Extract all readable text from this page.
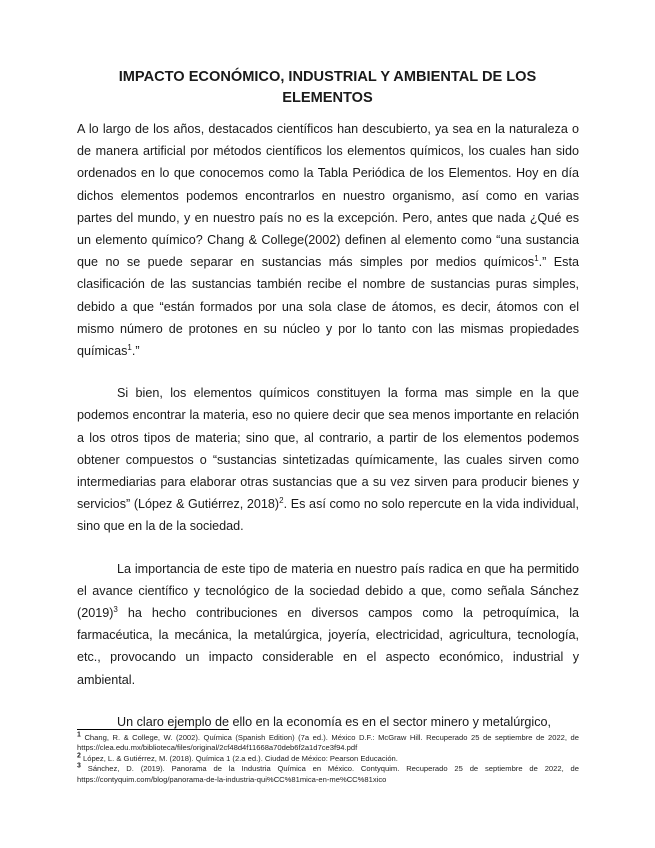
IMPACTO ECONÓMICO, INDUSTRIAL Y AMBIENTAL DE LOS ELEMENTOS

A lo largo de los años, destacados científicos han descubierto, ya sea en la naturaleza o de manera artificial por métodos científicos los elementos químicos, los cuales han sido ordenados en lo que conocemos como la Tabla Periódica de los Elementos. Hoy en día dichos elementos podemos encontrarlos en nuestro organismo, así como en varias partes del mundo, y en nuestro país no es la excepción. Pero, antes que nada ¿Qué es un elemento químico? Chang & College(2002) definen al elemento como “una sustancia que no se puede separar en sustancias más simples por medios químicos$^1$.” Esta clasificación de las sustancias también recibe el nombre de sustancias puras simples, debido a que “están formados por una sola clase de átomos, es decir, átomos con el mismo número de protones en su núcleo y por lo tanto con las mismas propiedades químicas$^1$.”

Si bien, los elementos químicos constituyen la forma mas simple en la que podemos encontrar la materia, eso no quiere decir que sea menos importante en relación a los otros tipos de materia; sino que, al contrario, a partir de los elementos podemos obtener compuestos o “sustancias sintetizadas químicamente, las cuales sirven como intermediarias para elaborar otras sustancias que a su vez sirven para producir bienes y servicios” (López & Gutiérrez, 2018)$^2$. Es así como no solo repercute en la vida individual, sino que en la de la sociedad.

La importancia de este tipo de materia en nuestro país radica en que ha permitido el avance científico y tecnológico de la sociedad debido a que, como señala Sánchez $(2019)^3$ ha hecho contribuciones en diversos campos como la petroquímica, la farmacéutica, la mecánica, la metalúrgica, joyería, electricidad, agricultura, tecnología, etc., provocando un impacto considerable en el aspecto económico, industrial y ambiental.

Un claro ejemplo de ello en la economía es en el sector minero y metalúrgico,

1 Chang, R. & College, W. (2002). Química (Spanish Edition) (7a ed.). México D.F.: McGraw Hill. Recuperado 25 de septiembre de 2022, de https://clea.edu.mx/biblioteca/files/original/2cf48d4f11668a70deb6f2a1d7ce3f94.pdf

2 López, L. & Gutiérrez, M. (2018). Química 1 (2.a ed.). Ciudad de México: Pearson Educación.

3 Sánchez, D. (2019). Panorama de la Industria Química en México. Contyquim. Recuperado 25 de septiembre de 2022, de https://contyquim.com/blog/panorama-de-la-industria-qui%CC%81mica-en-me%CC%81xico
